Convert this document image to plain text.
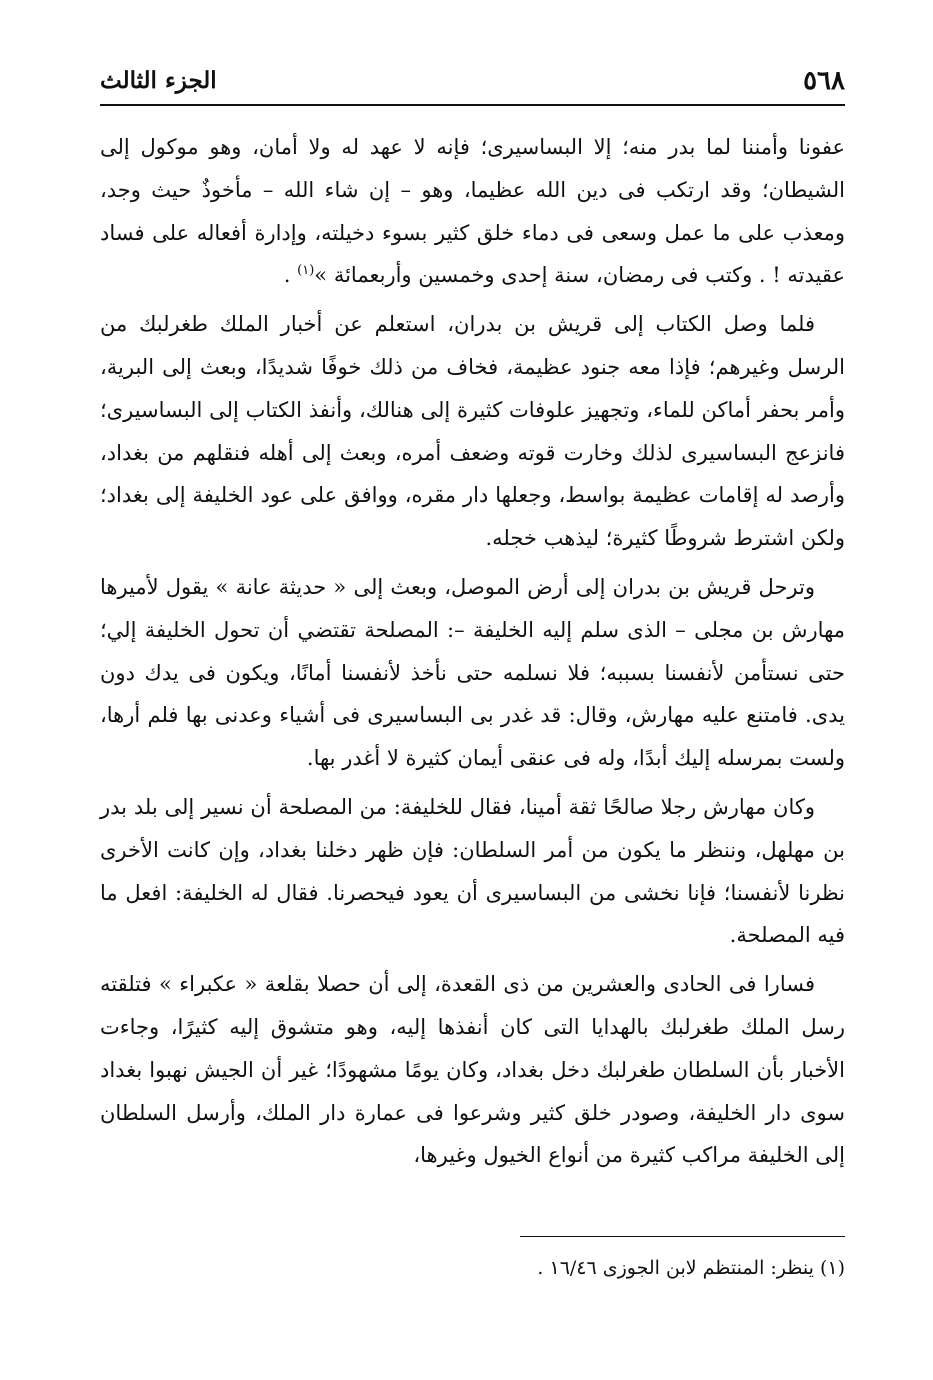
٥٦٨
الجزء الثالث

عفونا وأمننا لما بدر منه؛ إلا البساسيرى؛ فإنه لا عهد له ولا أمان، وهو موكول إلى الشيطان؛ وقد ارتكب فى دين الله عظيما، وهو – إن شاء الله – مأخوذٌ حيث وجد، ومعذب على ما عمل وسعى فى دماء خلق كثير بسوء دخيلته، وإدارة أفعاله على فساد عقيدته ! . وكتب فى رمضان، سنة إحدى وخمسين وأربعمائة »$^{(١)}$ .

فلما وصل الكتاب إلى قريش بن بدران، استعلم عن أخبار الملك طغرلبك من الرسل وغيرهم؛ فإذا معه جنود عظيمة، فخاف من ذلك خوفًا شديدًا، وبعث إلى البرية، وأمر بحفر أماكن للماء، وتجهيز علوفات كثيرة إلى هنالك، وأنفذ الكتاب إلى البساسيرى؛ فانزعج البساسيرى لذلك وخارت قوته وضعف أمره، وبعث إلى أهله فنقلهم من بغداد، وأرصد له إقامات عظيمة بواسط، وجعلها دار مقره، ووافق على عود الخليفة إلى بغداد؛ ولكن اشترط شروطًا كثيرة؛ ليذهب خجله.

وترحل قريش بن بدران إلى أرض الموصل، وبعث إلى « حديثة عانة » يقول لأميرها مهارش بن مجلى – الذى سلم إليه الخليفة –: المصلحة تقتضي أن تحول الخليفة إلي؛ حتى نستأمن لأنفسنا بسببه؛ فلا نسلمه حتى نأخذ لأنفسنا أمانًا، ويكون فى يدك دون يدى. فامتنع عليه مهارش، وقال: قد غدر بى البساسيرى فى أشياء وعدنى بها فلم أرها، ولست بمرسله إليك أبدًا، وله فى عنقى أيمان كثيرة لا أغدر بها.

وكان مهارش رجلا صالحًا ثقة أمينا، فقال للخليفة: من المصلحة أن نسير إلى بلد بدر بن مهلهل، وننظر ما يكون من أمر السلطان: فإن ظهر دخلنا بغداد، وإن كانت الأخرى نظرنا لأنفسنا؛ فإنا نخشى من البساسيرى أن يعود فيحصرنا. فقال له الخليفة: افعل ما فيه المصلحة.

فسارا فى الحادى والعشرين من ذى القعدة، إلى أن حصلا بقلعة « عكبراء » فتلقته رسل الملك طغرلبك بالهدايا التى كان أنفذها إليه، وهو متشوق إليه كثيرًا، وجاءت الأخبار بأن السلطان طغرلبك دخل بغداد، وكان يومًا مشهودًا؛ غير أن الجيش نهبوا بغداد سوى دار الخليفة، وصودر خلق كثير وشرعوا فى عمارة دار الملك، وأرسل السلطان إلى الخليفة مراكب كثيرة من أنواع الخيول وغيرها،

(١) ينظر: المنتظم لابن الجوزى ١٦/٤٦ .
